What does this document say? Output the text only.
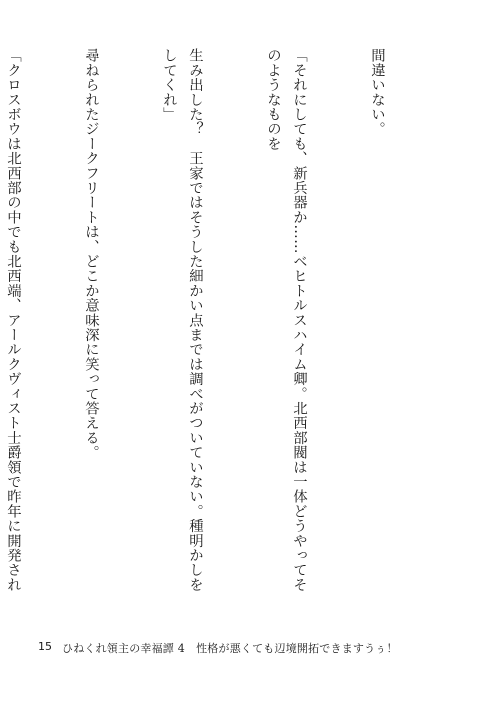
間違いない。

「それにしても、新兵器か……ベヒトルスハイム卿。北西部閥は一体どうやってそのようなものを

生み出した？　王家ではそうした細かい点までは調べがついていない。種明かしをしてくれ」

尋ねられたジークフリートは、どこか意味深に笑って答える。

「クロスボウは北西部の中でも北西端、アールクヴィスト士爵領で昨年に開発され

15 ひねくれ領主の幸福譚 4　性格が悪くても辺境開拓できますうぅ！
